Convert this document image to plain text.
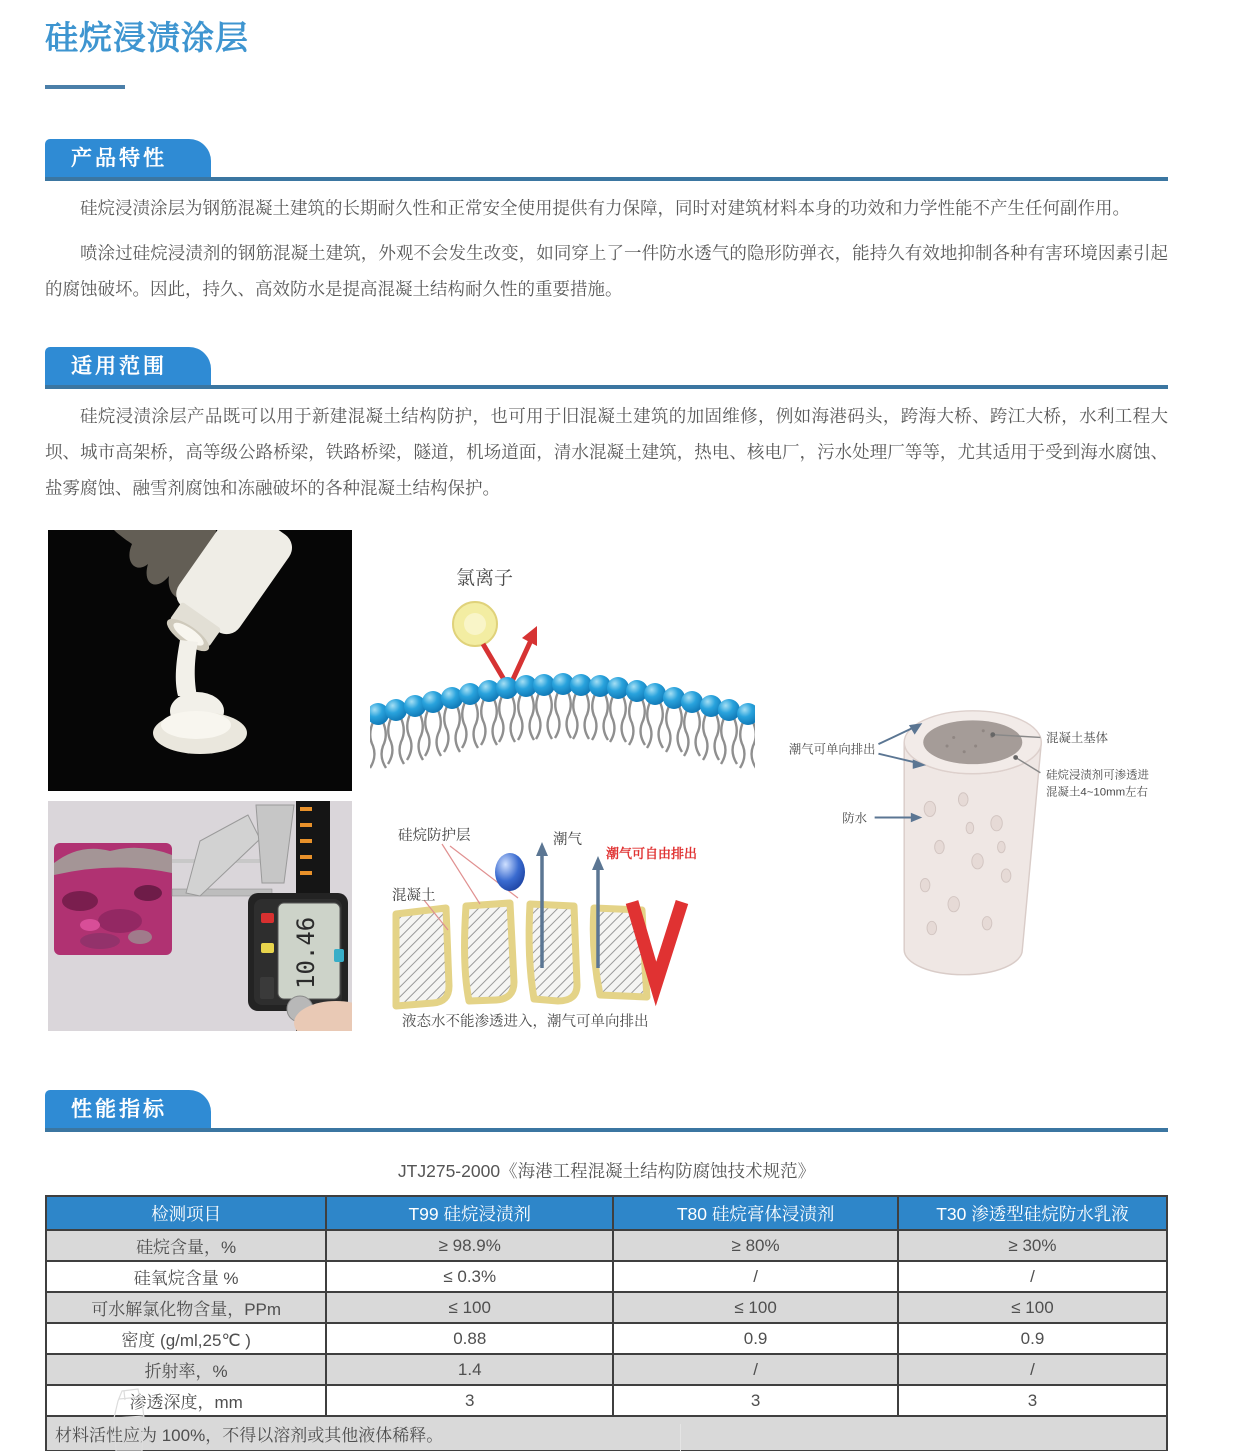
硅烷浸渍涂层
产品特性

硅烷浸渍涂层为钢筋混凝土建筑的长期耐久性和正常安全使用提供有力保障，同时对建筑材料本身的功效和力学性能不产生任何副作用。

喷涂过硅烷浸渍剂的钢筋混凝土建筑，外观不会发生改变，如同穿上了一件防水透气的隐形防弹衣，能持久有效地抑制各种有害环境因素引起的腐蚀破坏。因此，持久、高效防水是提高混凝土结构耐久性的重要措施。

适用范围

硅烷浸渍涂层产品既可以用于新建混凝土结构防护，也可用于旧混凝土建筑的加固维修，例如海港码头，跨海大桥、跨江大桥，水利工程大坝、城市高架桥，高等级公路桥梁，铁路桥梁，隧道，机场道面，清水混凝土建筑，热电、核电厂，污水处理厂等等，尤其适用于受到海水腐蚀、盐雾腐蚀、融雪剂腐蚀和冻融破坏的各种混凝土结构保护。

氯离子
10.46
硅烷防护层	潮气
潮气可自由排出
混凝土
液态水不能渗透进入，潮气可单向排出
潮气可单向排出
混凝土基体
硅烷浸渍剂可渗透进
混凝土4~10mm左右
防水
性能指标
JTJ275-2000《海港工程混凝土结构防腐蚀技术规范》
检测项目	T99 硅烷浸渍剂	T80 硅烷膏体浸渍剂	T30 渗透型硅烷防水乳液
硅烷含量，%	≥ 98.9%	≥ 80%	≥ 30%
硅氧烷含量 %	≤ 0.3%	/	/
可水解氯化物含量，PPm	≤ 100	≤ 100	≤ 100
密度 (g/ml,25℃ )	0.88	0.9	0.9
折射率，%	1.4	/	/
渗透深度，mm	3	3	3
材料活性应为 100%，不得以溶剂或其他液体稀释。			
